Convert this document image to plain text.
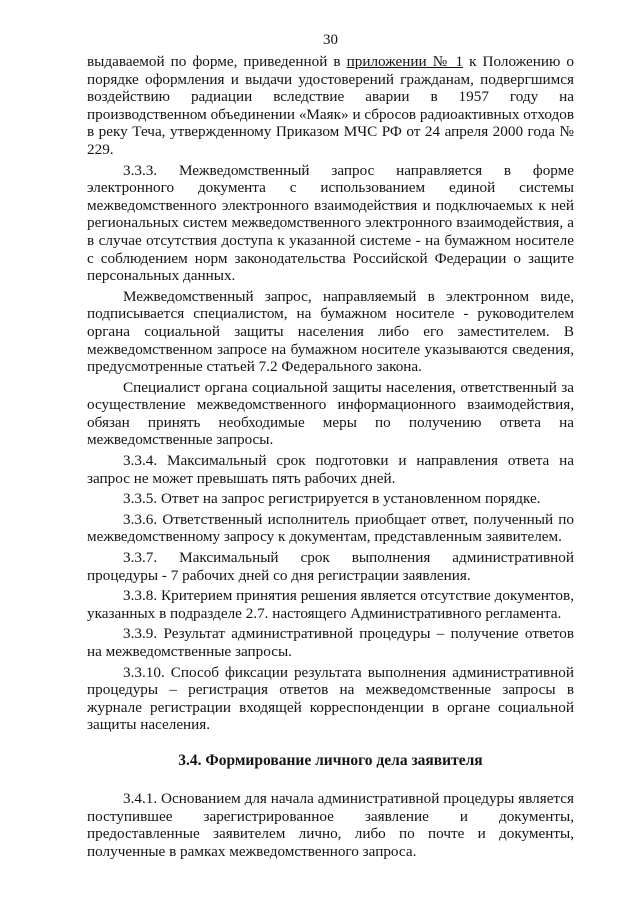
30

выдаваемой по форме, приведенной в приложении № 1 к Положению о порядке оформления и выдачи удостоверений гражданам, подвергшимся воздействию радиации вследствие аварии в 1957 году на производственном объединении «Маяк» и сбросов радиоактивных отходов в реку Теча, утвержденному Приказом МЧС РФ от 24 апреля 2000 года № 229.

3.3.3. Межведомственный запрос направляется в форме электронного документа с использованием единой системы межведомственного электронного взаимодействия и подключаемых к ней региональных систем межведомственного электронного взаимодействия, а в случае отсутствия доступа к указанной системе - на бумажном носителе с соблюдением норм законодательства Российской Федерации о защите персональных данных.

Межведомственный запрос, направляемый в электронном виде, подписывается специалистом, на бумажном носителе - руководителем органа социальной защиты населения либо его заместителем. В межведомственном запросе на бумажном носителе указываются сведения, предусмотренные статьей 7.2 Федерального закона.

Специалист органа социальной защиты населения, ответственный за осуществление межведомственного информационного взаимодействия, обязан принять необходимые меры по получению ответа на межведомственные запросы.

3.3.4. Максимальный срок подготовки и направления ответа на запрос не может превышать пять рабочих дней.

3.3.5. Ответ на запрос регистрируется в установленном порядке.

3.3.6. Ответственный исполнитель приобщает ответ, полученный по межведомственному запросу к документам, представленным заявителем.

3.3.7. Максимальный срок выполнения административной процедуры - 7 рабочих дней со дня регистрации заявления.

3.3.8. Критерием принятия решения является отсутствие документов, указанных в подразделе 2.7. настоящего Административного регламента.

3.3.9. Результат административной процедуры – получение ответов на межведомственные запросы.

3.3.10. Способ фиксации результата выполнения административной процедуры – регистрация ответов на межведомственные запросы в журнале регистрации входящей корреспонденции в органе социальной защиты населения.

3.4. Формирование личного дела заявителя

3.4.1. Основанием для начала административной процедуры является поступившее зарегистрированное заявление и документы, предоставленные заявителем лично, либо по почте и документы, полученные в рамках межведомственного запроса.
